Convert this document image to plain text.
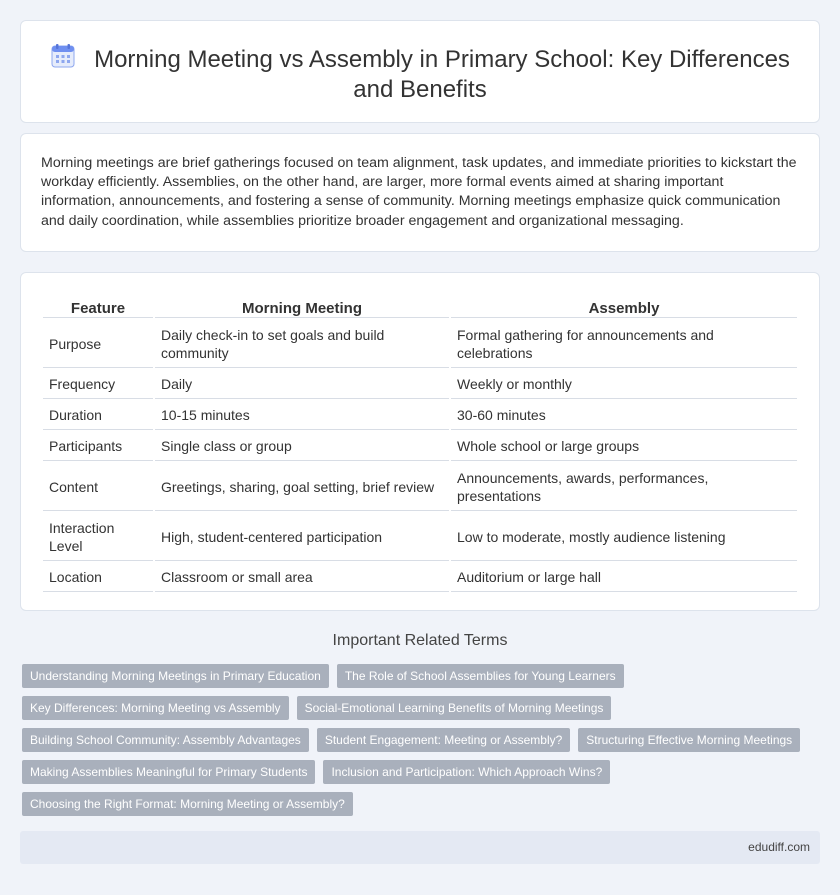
Morning Meeting vs Assembly in Primary School: Key Differences and Benefits

Morning meetings are brief gatherings focused on team alignment, task updates, and immediate priorities to kickstart the workday efficiently. Assemblies, on the other hand, are larger, more formal events aimed at sharing important information, announcements, and fostering a sense of community. Morning meetings emphasize quick communication and daily coordination, while assemblies prioritize broader engagement and organizational messaging.

Feature	Morning Meeting	Assembly
Purpose	Daily check-in to set goals and build community	Formal gathering for announcements and celebrations
Frequency	Daily	Weekly or monthly
Duration	10-15 minutes	30-60 minutes
Participants	Single class or group	Whole school or large groups
Content	Greetings, sharing, goal setting, brief review	Announcements, awards, performances, presentations
Interaction Level	High, student-centered participation	Low to moderate, mostly audience listening
Location	Classroom or small area	Auditorium or large hall
Important Related Terms
Understanding Morning Meetings in Primary Education	The Role of School Assemblies for Young Learners
Key Differences: Morning Meeting vs Assembly	Social-Emotional Learning Benefits of Morning Meetings
Building School Community: Assembly Advantages	Student Engagement: Meeting or Assembly?	Structuring Effective Morning Meetings
Making Assemblies Meaningful for Primary Students	Inclusion and Participation: Which Approach Wins?
Choosing the Right Format: Morning Meeting or Assembly?
edudiff.com
